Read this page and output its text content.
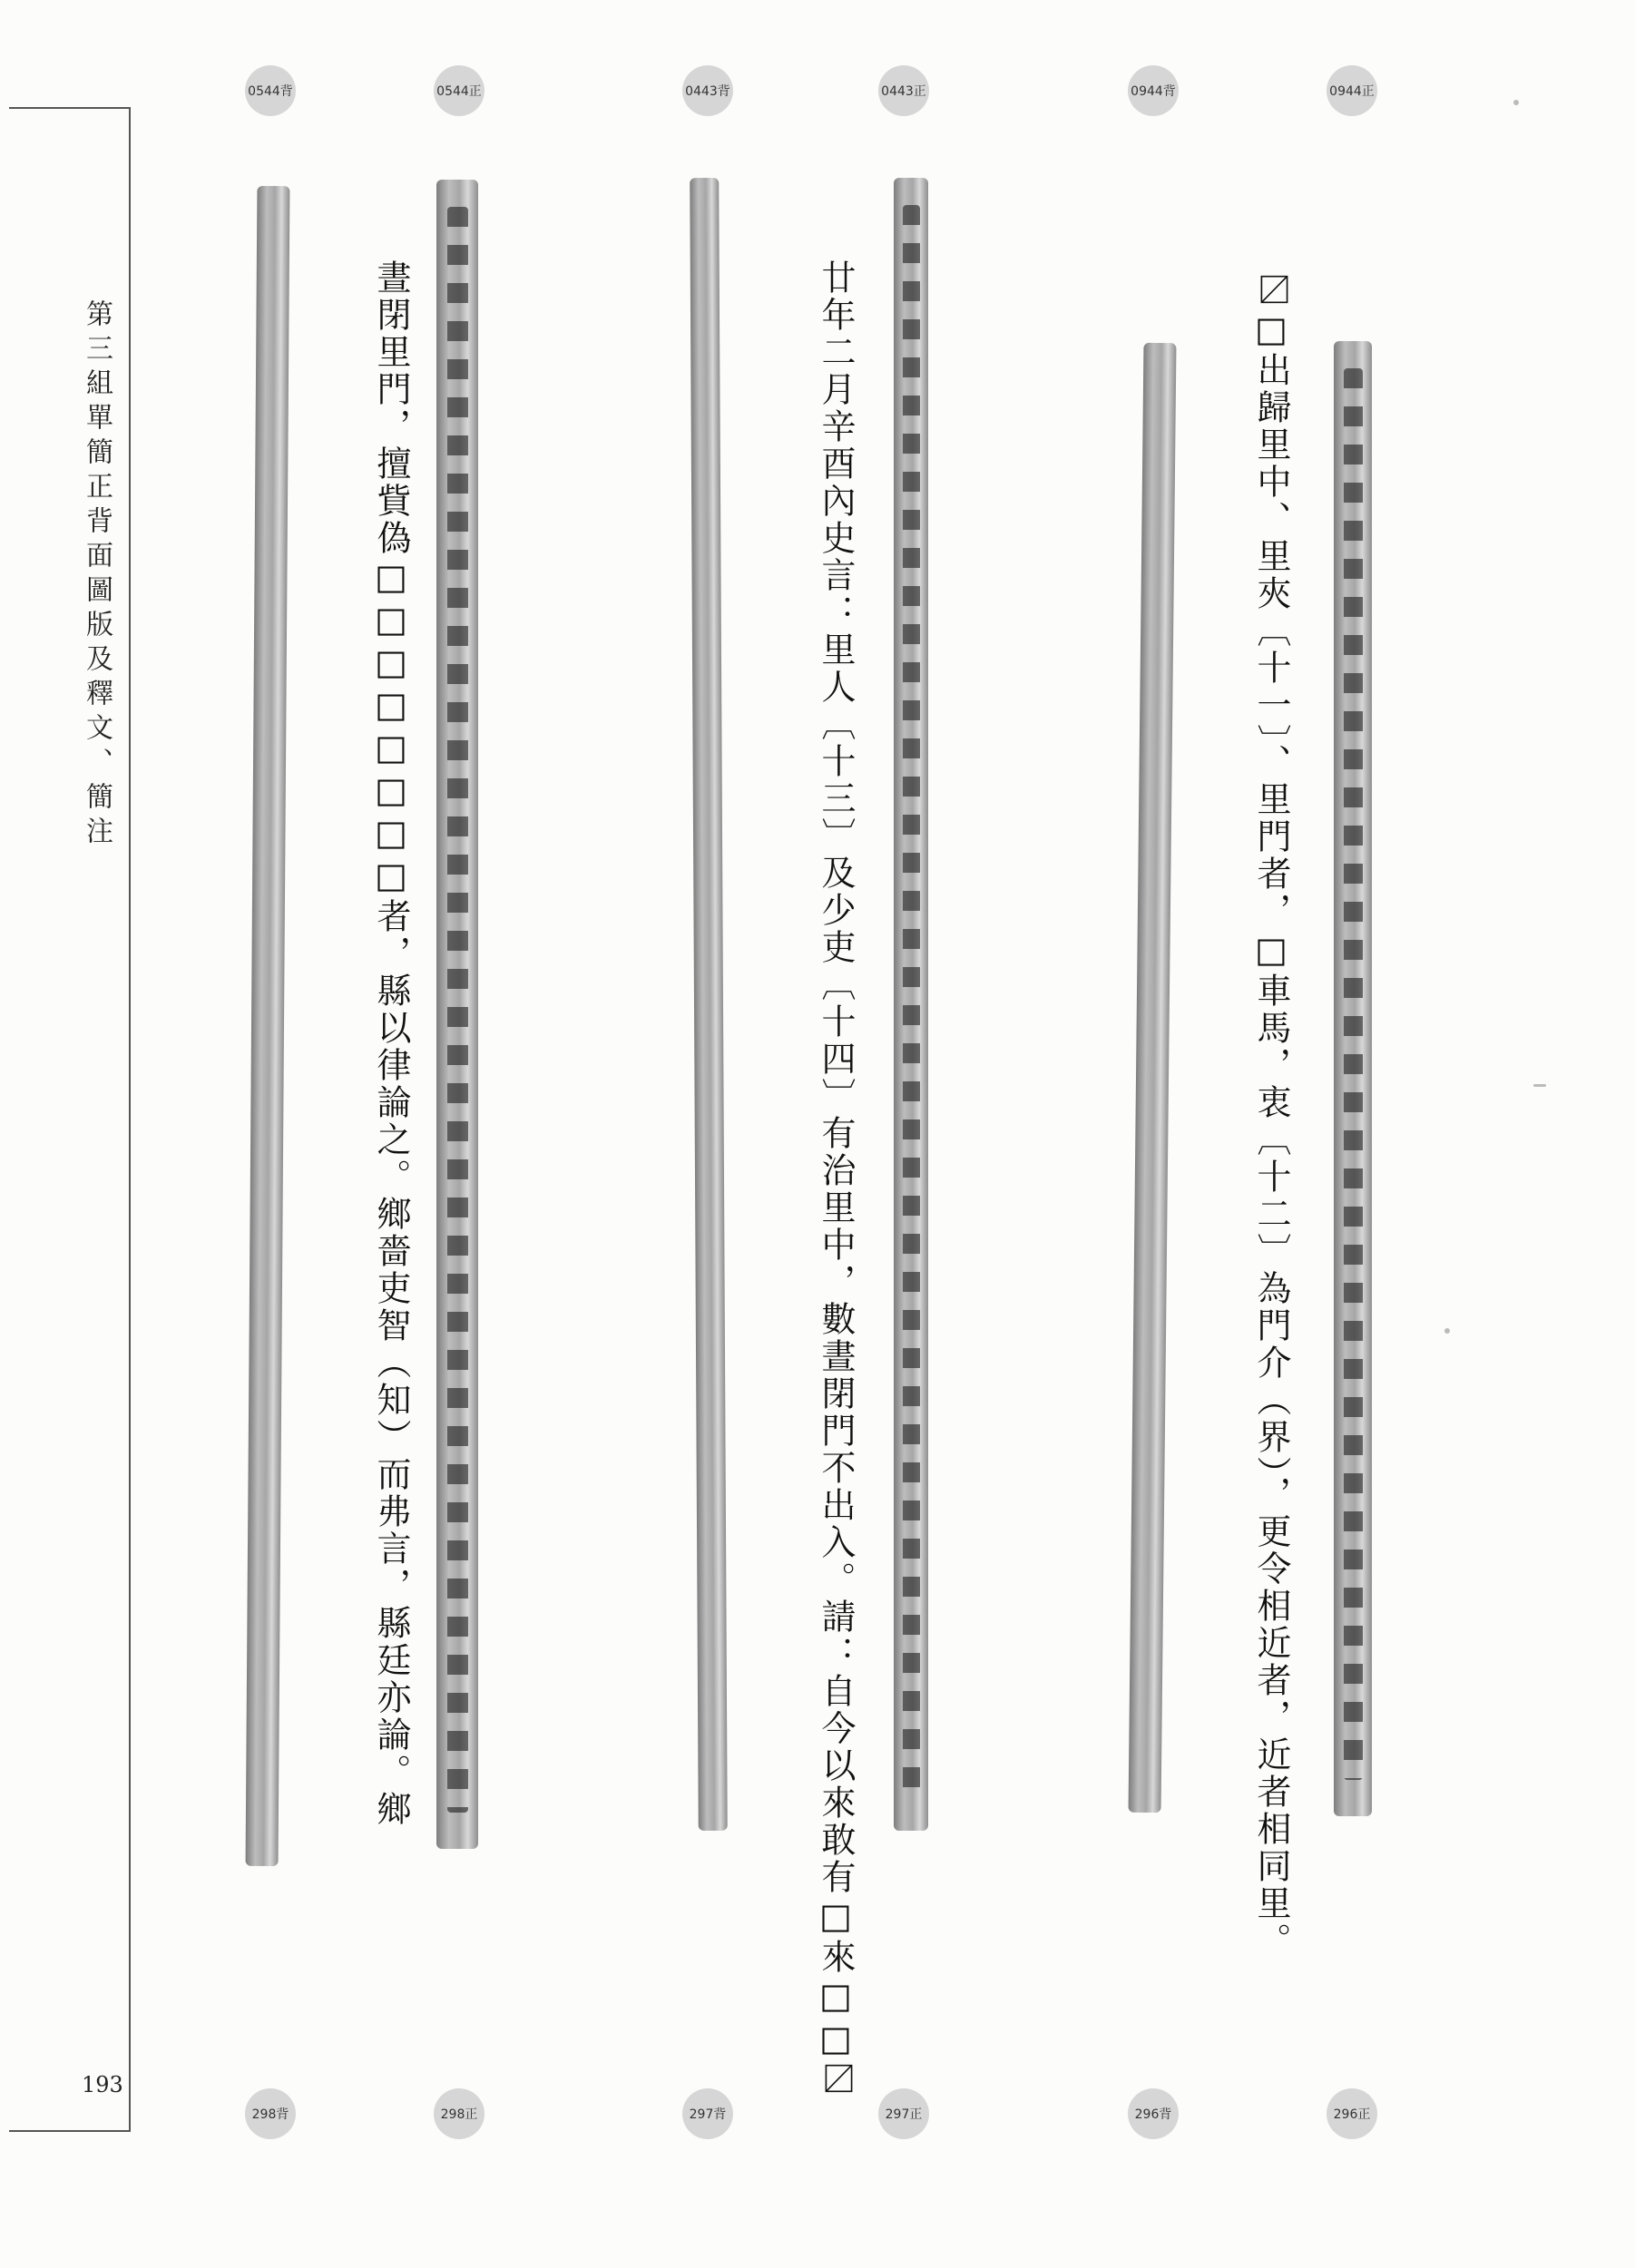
第三組單簡正背面圖版及釋文、簡注
193
0544背	0544正	0443背	0443正	0944背	0944正
298背	298正	297背	297正	296背	296正
晝閉里門，擅貲偽□□□□□□□□者，縣以律論之。鄉嗇吏智（知）而弗言，縣廷亦論。鄉	廿年二月辛酉內史言：里人〔十三〕及少吏〔十四〕有治里中，數晝閉門不出入。請：自今以來敢有□來□□〼	〼□出歸里中、里夾〔十一〕、里門者，□車馬，衷〔十二〕為門介（界），更令相近者，近者相同里。
